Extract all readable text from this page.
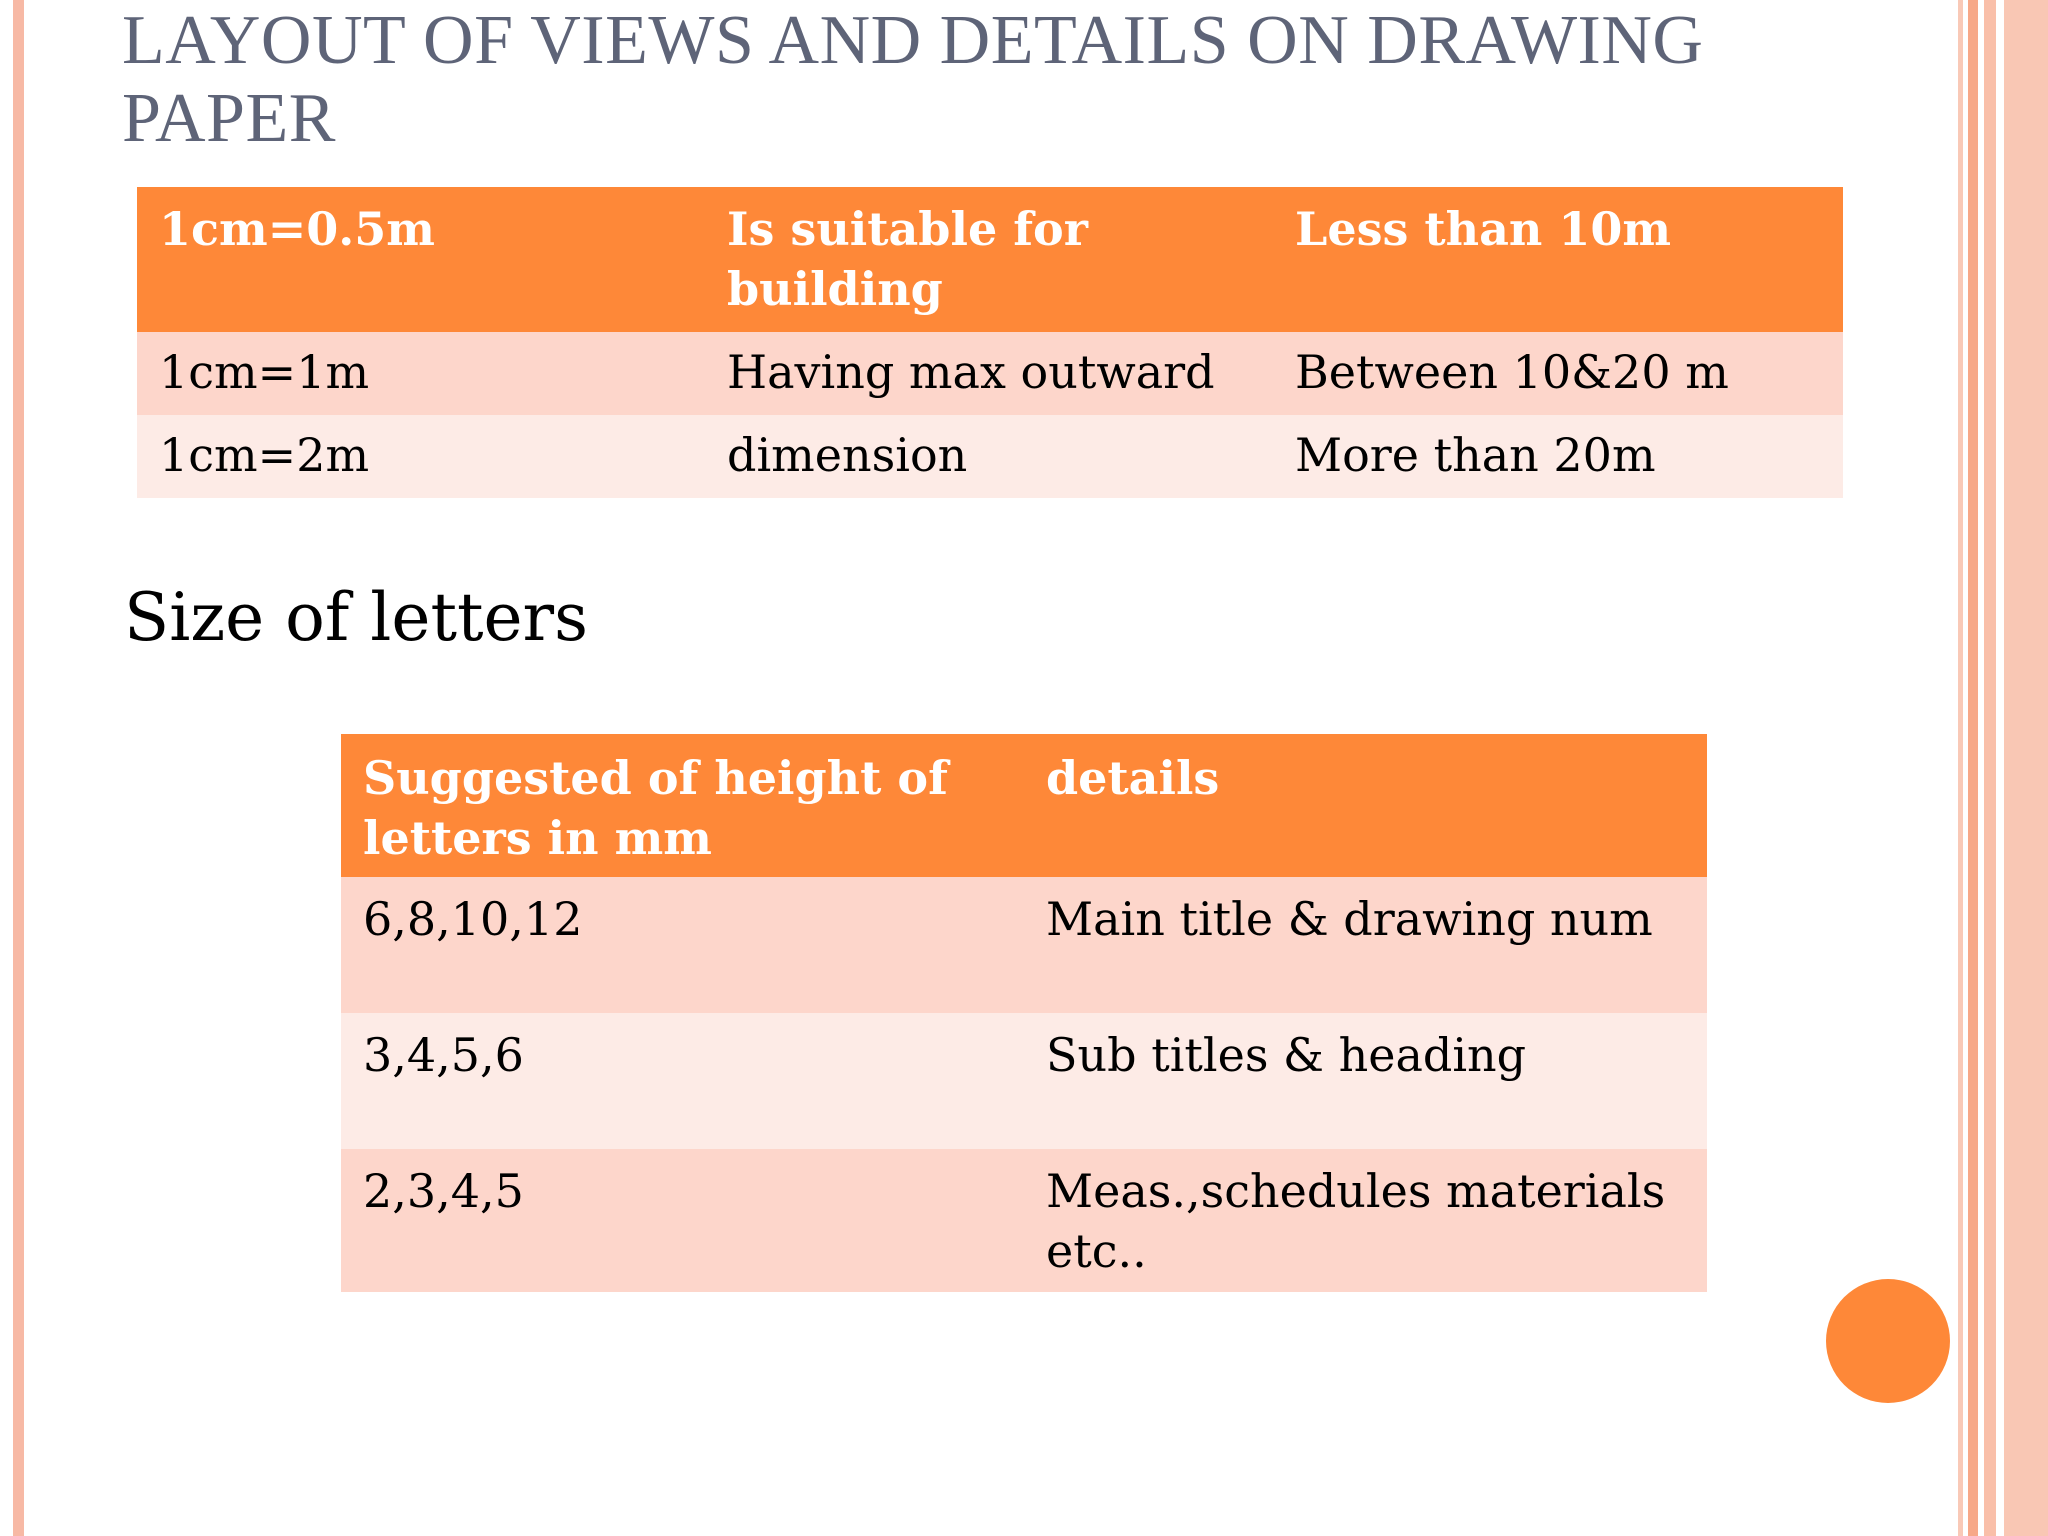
LAYOUT OF VIEWS AND DETAILS ON DRAWING PAPER
1cm=0.5m	Is suitable for building	Less than 10m
1cm=1m	Having max outward	Between 10&20 m
1cm=2m	dimension	More than 20m
Size of letters
Suggested of height of letters in mm	details
6,8,10,12	Main title & drawing num
3,4,5,6	Sub titles & heading
2,3,4,5	Meas.,schedules materials etc..
